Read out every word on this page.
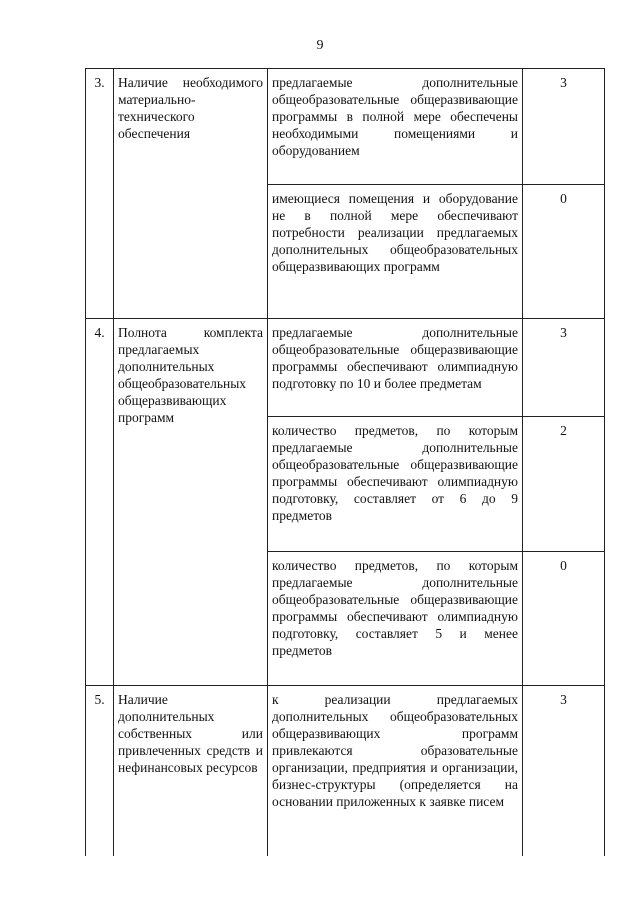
9
3.	Наличие необходимого материально-технического обеспечения	предлагаемые дополнительные общеобразовательные общеразвивающие программы в полной мере обеспечены необходимыми помещениями и оборудованием	3
		имеющиеся помещения и оборудование не в полной мере обеспечивают потребности реализации предлагаемых дополнительных общеобразовательных общеразвивающих программ	0
4.	Полнота комплекта предлагаемых дополнительных общеобразовательных общеразвивающих программ	предлагаемые дополнительные общеобразовательные общеразвивающие программы обеспечивают олимпиадную подготовку по 10 и более предметам	3
		количество предметов, по которым предлагаемые дополнительные общеобразовательные общеразвивающие программы обеспечивают олимпиадную подготовку, составляет от 6 до 9 предметов	2
		количество предметов, по которым предлагаемые дополнительные общеобразовательные общеразвивающие программы обеспечивают олимпиадную подготовку, составляет 5 и менее предметов	0
5.	Наличие дополнительных собственных или привлеченных средств и нефинансовых ресурсов	к реализации предлагаемых дополнительных общеобразовательных общеразвивающих программ привлекаются образовательные организации, предприятия и организации, бизнес-структуры (определяется на основании приложенных к заявке писем	3
